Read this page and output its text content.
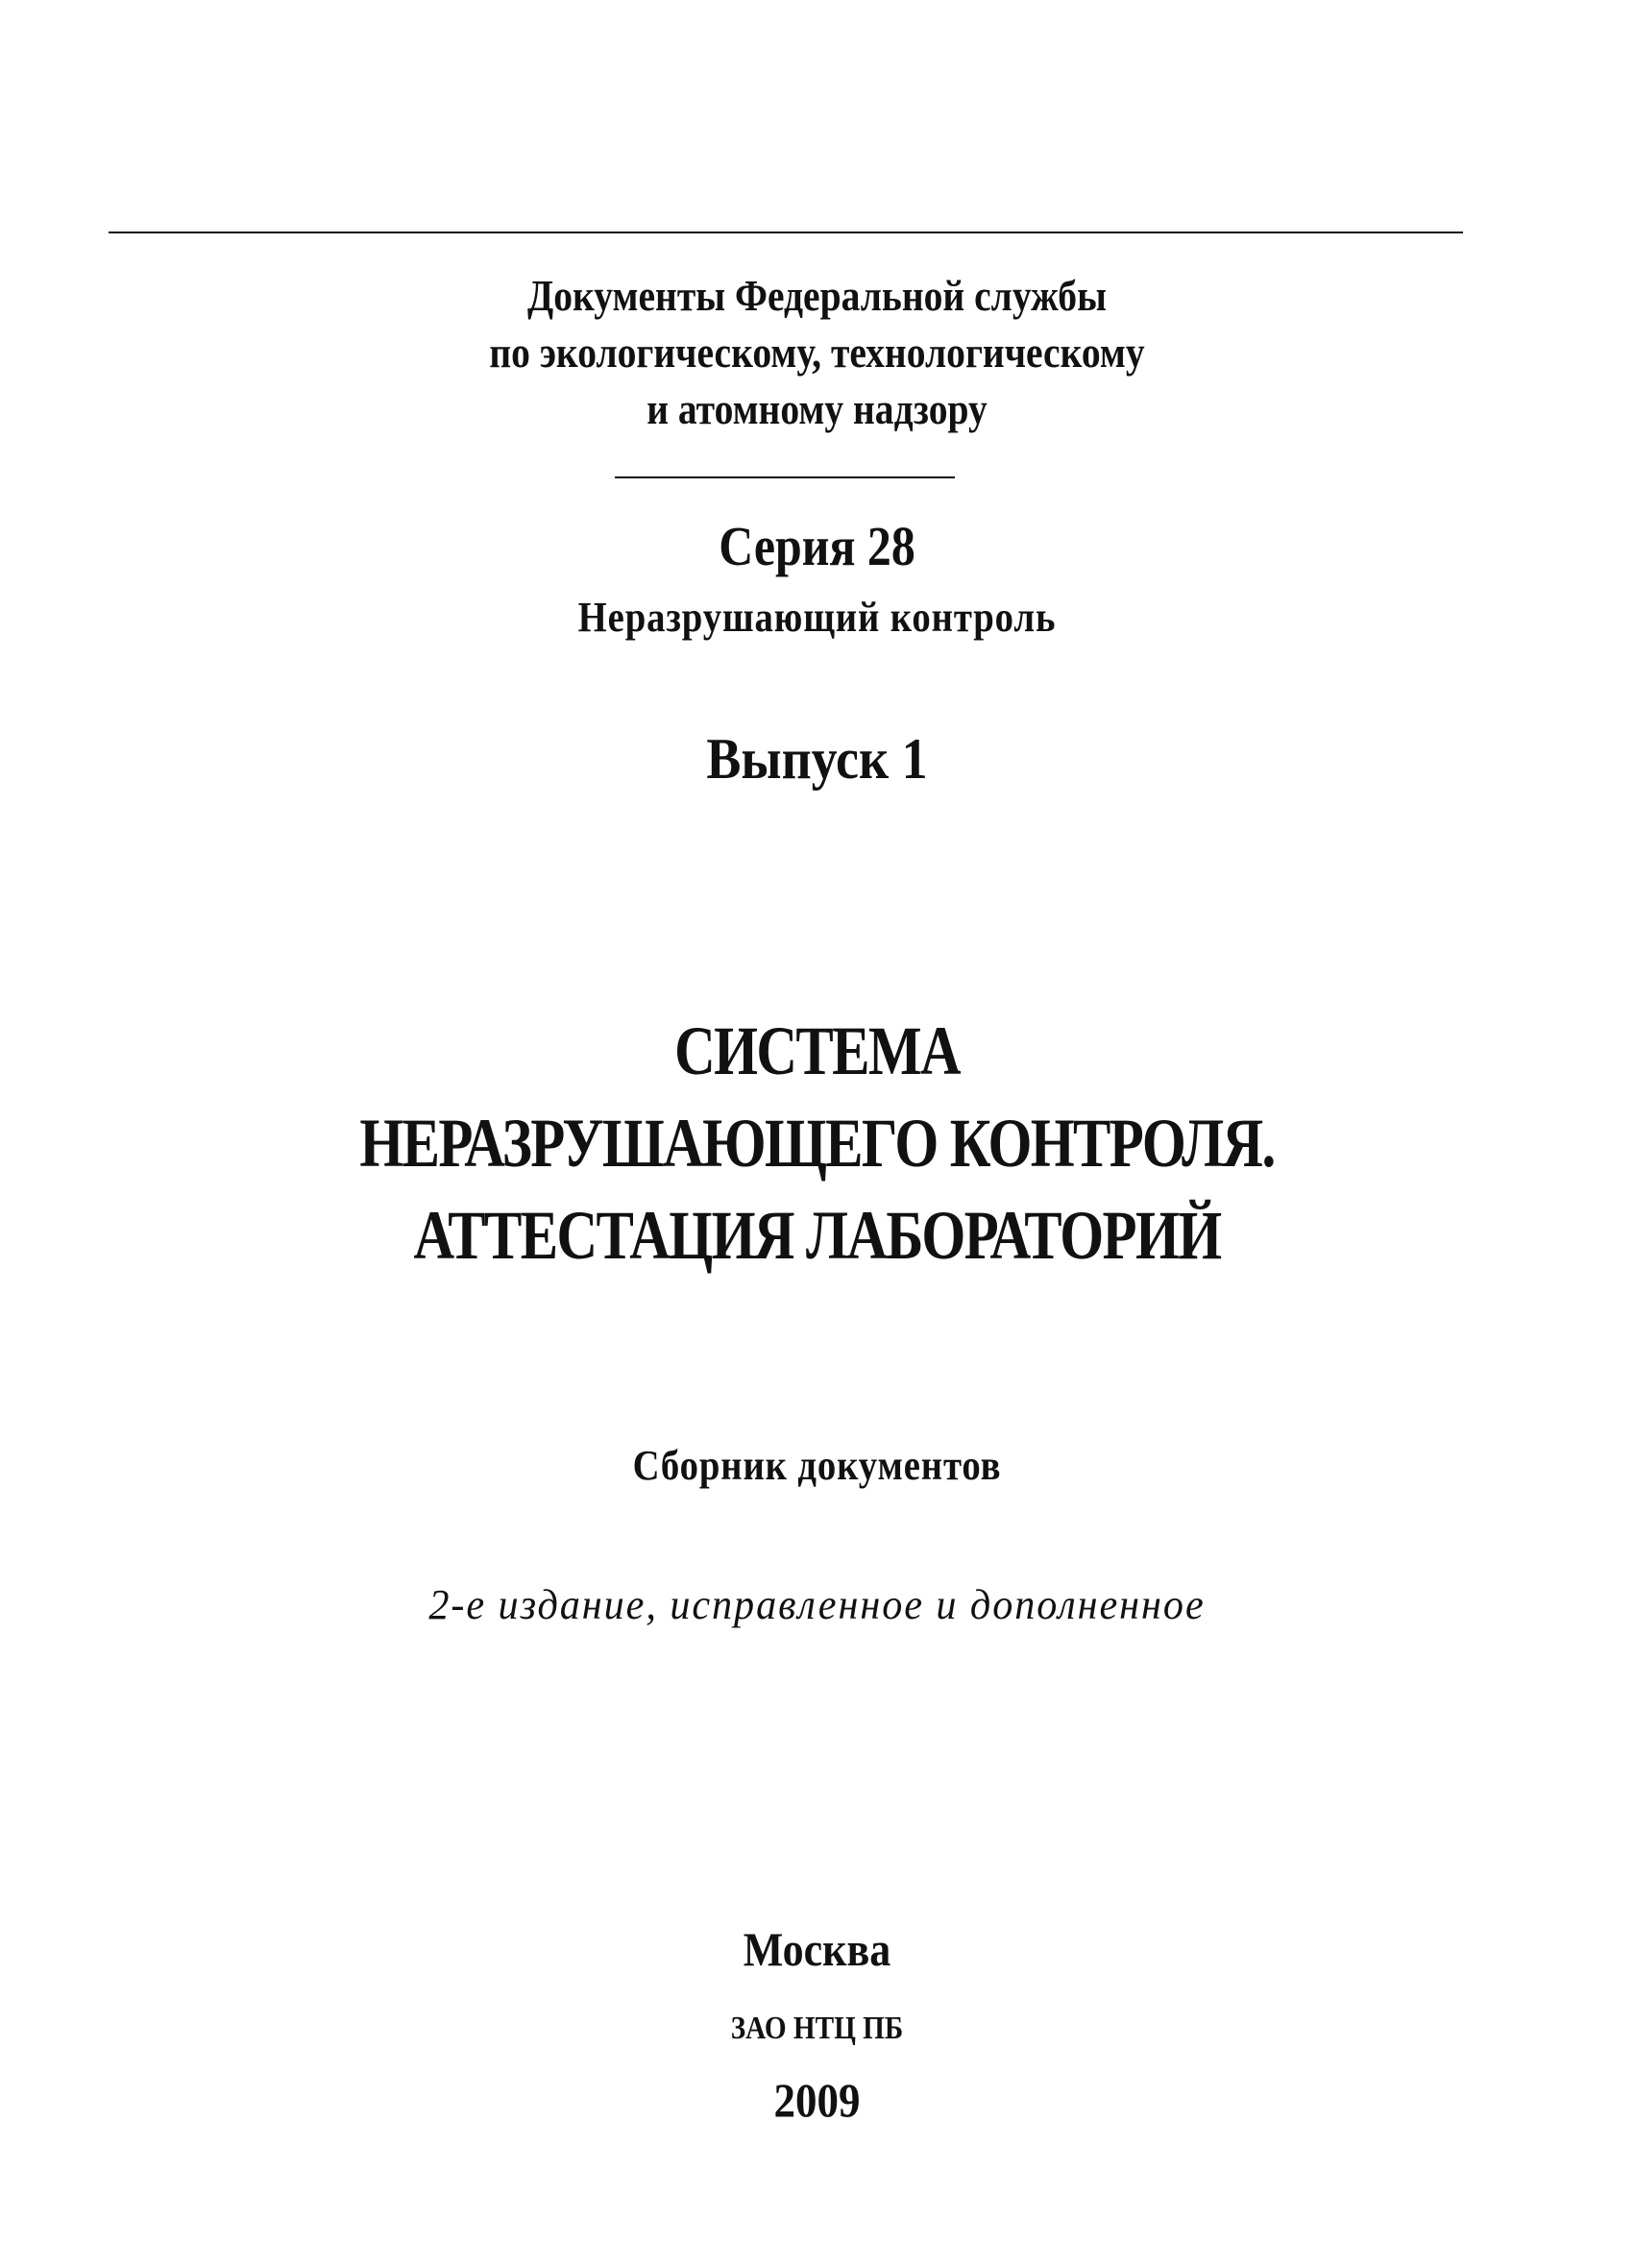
Документы Федеральной службы
по экологическому, технологическому
и атомному надзору
Серия 28
Неразрушающий контроль
Выпуск 1
СИСТЕМА
НЕРАЗРУШАЮЩЕГО КОНТРОЛЯ.
АТТЕСТАЦИЯ ЛАБОРАТОРИЙ
Сборник документов
2-е издание, исправленное и дополненное
Москва
ЗАО НТЦ ПБ
2009
